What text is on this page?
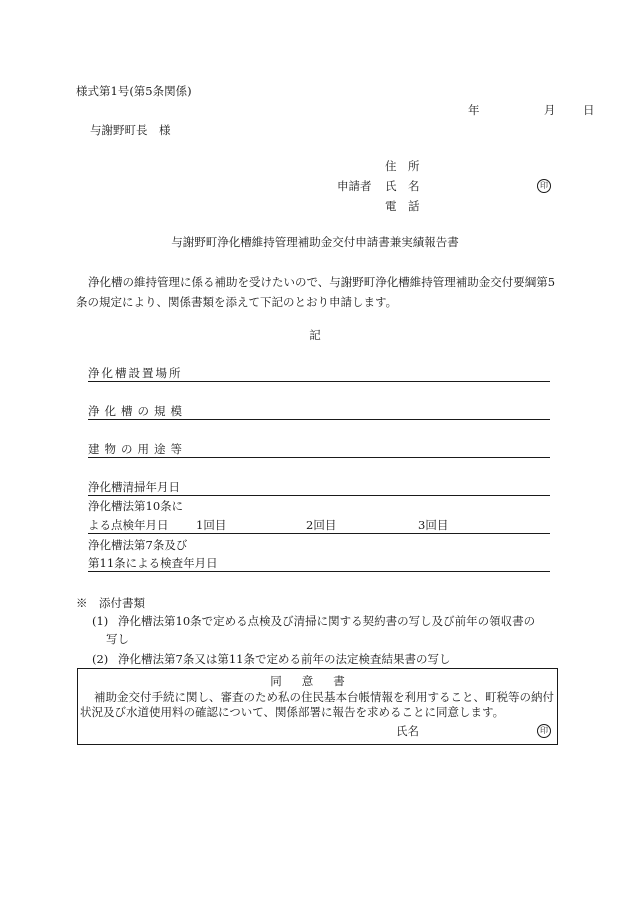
様式第1号(第5条関係)
年	月 日
与謝野町長　様
住　所
申請者 氏　名	印
電　話
与謝野町浄化槽維持管理補助金交付申請書兼実績報告書
浄化槽の維持管理に係る補助を受けたいので、与謝野町浄化槽維持管理補助金交付要綱第5条の規定により、関係書類を添えて下記のとおり申請します。
記
浄化槽設置場所
浄化槽の規模
建物の用途等
浄化槽清掃年月日
浄化槽法第10条に
よる点検年月日 1回目	2回目	3回目
浄化槽法第7条及び
第11条による検査年月日
※　添付書類
(1) 浄化槽法第10条で定める点検及び清掃に関する契約書の写し及び前年の領収書の
写し
(2) 浄化槽法第7条又は第11条で定める前年の法定検査結果書の写し
同意書
補助金交付手続に関し、審査のため私の住民基本台帳情報を利用すること、町税等の納付状況及び水道使用料の確認について、関係部署に報告を求めることに同意します。
氏名	印
